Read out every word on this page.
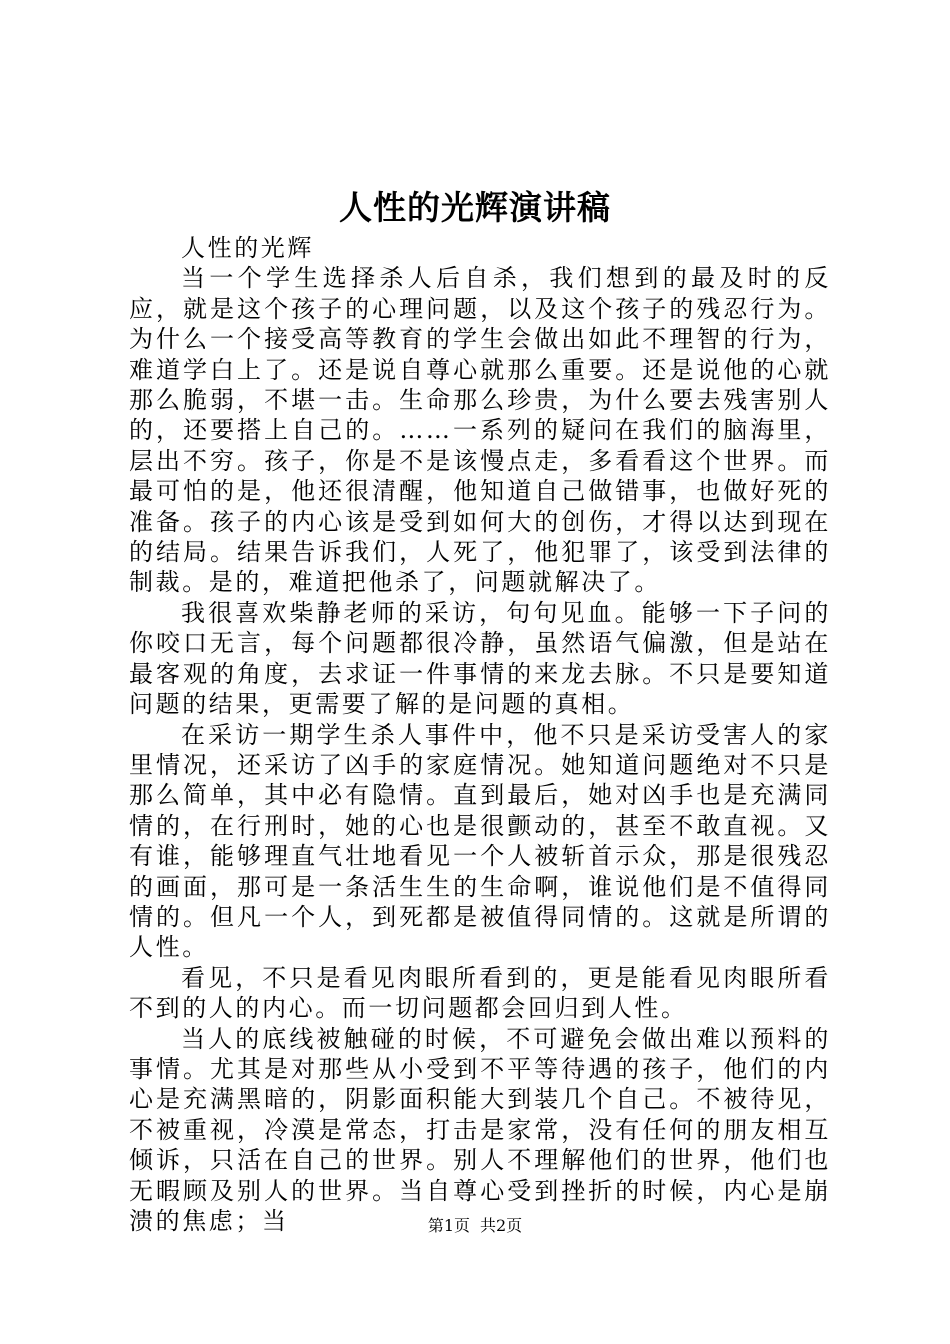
人性的光辉演讲稿

人性的光辉

当一个学生选择杀人后自杀，我们想到的最及时的反应，就是这个孩子的心理问题，以及这个孩子的残忍行为。为什么一个接受高等教育的学生会做出如此不理智的行为，难道学白上了。还是说自尊心就那么重要。还是说他的心就那么脆弱，不堪一击。生命那么珍贵，为什么要去残害别人的，还要搭上自己的。……一系列的疑问在我们的脑海里，层出不穷。孩子，你是不是该慢点走，多看看这个世界。而最可怕的是，他还很清醒，他知道自己做错事，也做好死的准备。孩子的内心该是受到如何大的创伤，才得以达到现在的结局。结果告诉我们，人死了，他犯罪了，该受到法律的制裁。是的，难道把他杀了，问题就解决了。

我很喜欢柴静老师的采访，句句见血。能够一下子问的你咬口无言，每个问题都很冷静，虽然语气偏激，但是站在最客观的角度，去求证一件事情的来龙去脉。不只是要知道问题的结果，更需要了解的是问题的真相。

在采访一期学生杀人事件中，他不只是采访受害人的家里情况，还采访了凶手的家庭情况。她知道问题绝对不只是那么简单，其中必有隐情。直到最后，她对凶手也是充满同情的，在行刑时，她的心也是很颤动的，甚至不敢直视。又有谁，能够理直气壮地看见一个人被斩首示众，那是很残忍的画面，那可是一条活生生的生命啊，谁说他们是不值得同情的。但凡一个人，到死都是被值得同情的。这就是所谓的人性。

看见，不只是看见肉眼所看到的，更是能看见肉眼所看不到的人的内心。而一切问题都会回归到人性。

当人的底线被触碰的时候，不可避免会做出难以预料的事情。尤其是对那些从小受到不平等待遇的孩子，他们的内心是充满黑暗的，阴影面积能大到装几个自己。不被待见，不被重视，冷漠是常态，打击是家常，没有任何的朋友相互倾诉，只活在自己的世界。别人不理解他们的世界，他们也无暇顾及别人的世界。当自尊心受到挫折的时候，内心是崩溃的焦虑；当	第1页 共2页
